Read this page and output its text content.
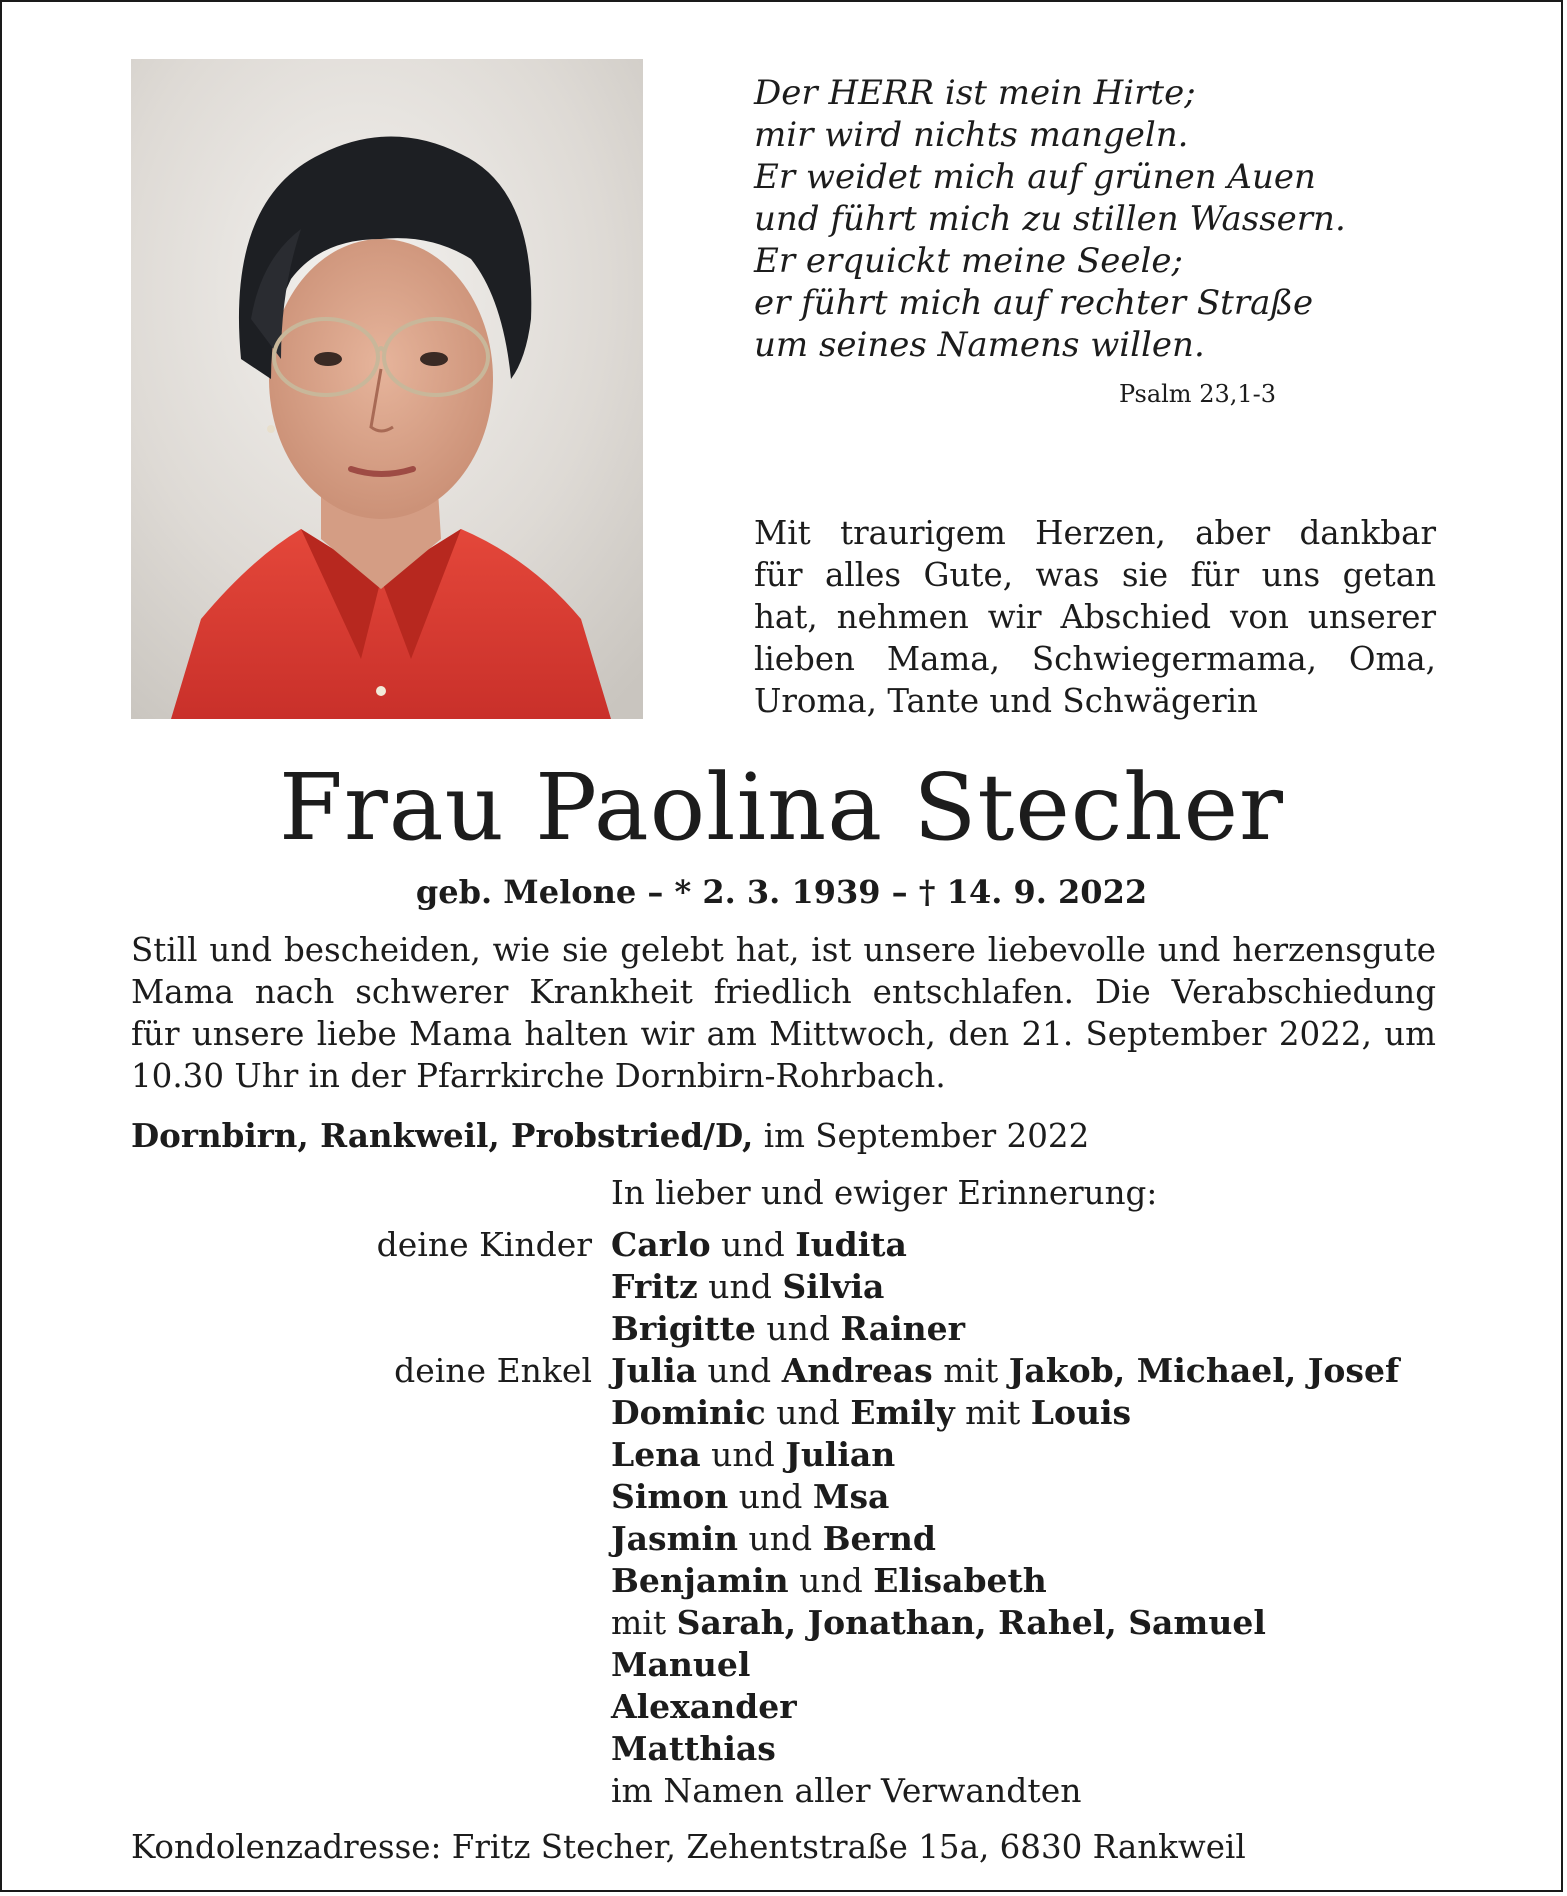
Der HERR ist mein Hirte;
mir wird nichts mangeln.
Er weidet mich auf grünen Auen
und führt mich zu stillen Wassern.
Er erquickt meine Seele;
er führt mich auf rechter Straße
um seines Namens willen.
Psalm 23,1-3
Mit traurigem Herzen, aber dankbar
für alles Gute, was sie für uns getan
hat, nehmen wir Abschied von unserer
lieben Mama, Schwiegermama, Oma,
Uroma, Tante und Schwägerin
Frau Paolina Stecher
geb. Melone – * 2. 3. 1939 – † 14. 9. 2022
Still und bescheiden, wie sie gelebt hat, ist unsere liebevolle und herzensgute
Mama nach schwerer Krankheit friedlich entschlafen. Die Verabschiedung
für unsere liebe Mama halten wir am Mittwoch, den 21. September 2022, um
10.30 Uhr in der Pfarrkirche Dornbirn-Rohrbach.
Dornbirn, Rankweil, Probstried/D, im September 2022
In lieber und ewiger Erinnerung:
deine Kinder Carlo und Iudita
Fritz und Silvia
Brigitte und Rainer
deine Enkel Julia und Andreas mit Jakob, Michael, Josef
Dominic und Emily mit Louis
Lena und Julian
Simon und Msa
Jasmin und Bernd
Benjamin und Elisabeth
mit Sarah, Jonathan, Rahel, Samuel
Manuel
Alexander
Matthias
im Namen aller Verwandten
Kondolenzadresse: Fritz Stecher, Zehentstraße 15a, 6830 Rankweil
